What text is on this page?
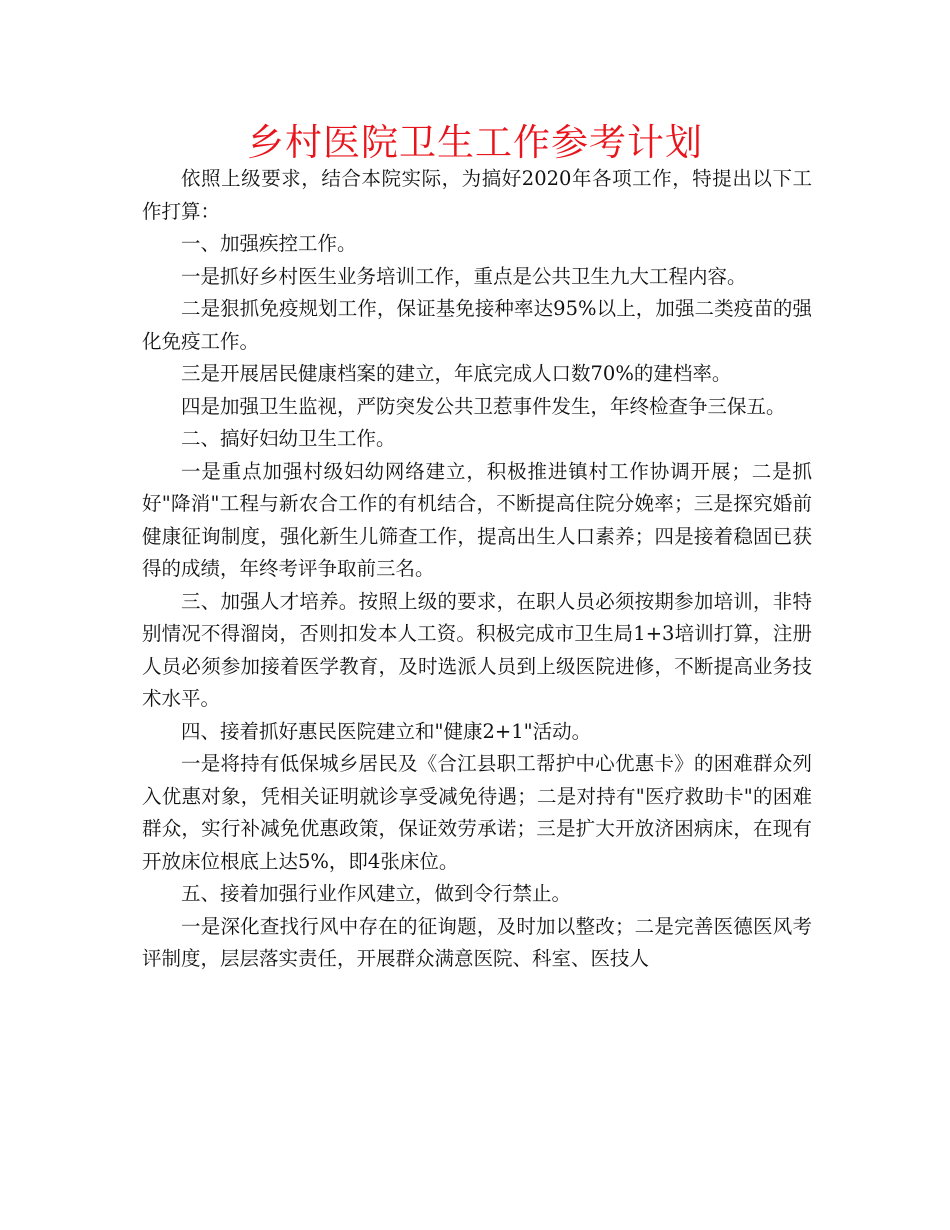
乡村医院卫生工作参考计划

依照上级要求，结合本院实际，为搞好2020年各项工作，特提出以下工作打算：

一、加强疾控工作。

一是抓好乡村医生业务培训工作，重点是公共卫生九大工程内容。

二是狠抓免疫规划工作，保证基免接种率达95%以上，加强二类疫苗的强化免疫工作。

三是开展居民健康档案的建立，年底完成人口数70%的建档率。

四是加强卫生监视，严防突发公共卫惹事件发生，年终检查争三保五。

二、搞好妇幼卫生工作。

一是重点加强村级妇幼网络建立，积极推进镇村工作协调开展；二是抓好"降消"工程与新农合工作的有机结合，不断提高住院分娩率；三是探究婚前健康征询制度，强化新生儿筛查工作，提高出生人口素养；四是接着稳固已获得的成绩，年终考评争取前三名。

三、加强人才培养。按照上级的要求，在职人员必须按期参加培训，非特别情况不得溜岗，否则扣发本人工资。积极完成市卫生局1+3培训打算，注册人员必须参加接着医学教育，及时选派人员到上级医院进修，不断提高业务技术水平。

四、接着抓好惠民医院建立和"健康2+1"活动。

一是将持有低保城乡居民及《合江县职工帮护中心优惠卡》的困难群众列入优惠对象，凭相关证明就诊享受减免待遇；二是对持有"医疗救助卡"的困难群众，实行补减免优惠政策，保证效劳承诺；三是扩大开放济困病床，在现有开放床位根底上达5%，即4张床位。

五、接着加强行业作风建立，做到令行禁止。

一是深化查找行风中存在的征询题，及时加以整改；二是完善医德医风考评制度，层层落实责任，开展群众满意医院、科室、医技人
